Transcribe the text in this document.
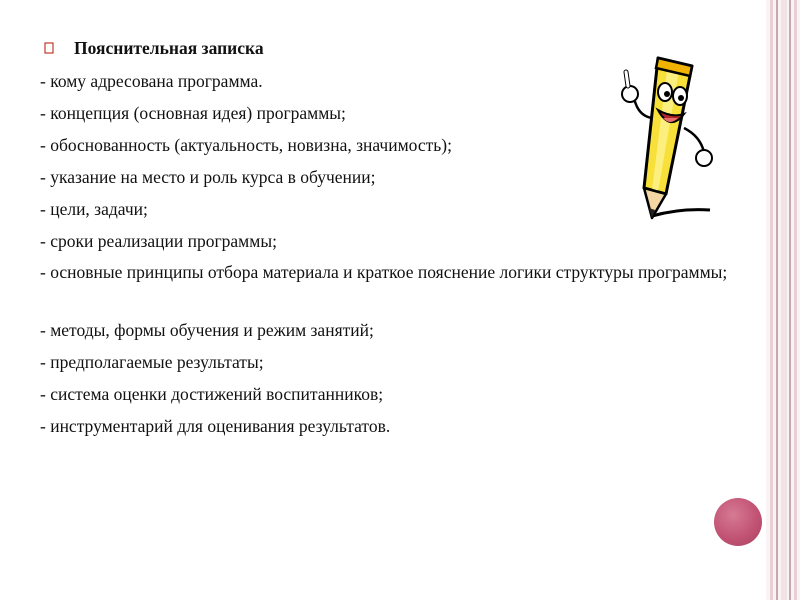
Пояснительная записка
- кому адресована программа.
- концепция (основная идея) программы;
- обоснованность (актуальность, новизна, значимость);
- указание на место и роль курса в обучении;
- цели, задачи;
- сроки реализации программы;
- основные принципы отбора материала и краткое пояснение логики структуры программы;
- методы, формы обучения и режим занятий;
- предполагаемые результаты;
- система оценки достижений воспитанников;
- инструментарий для оценивания результатов.
